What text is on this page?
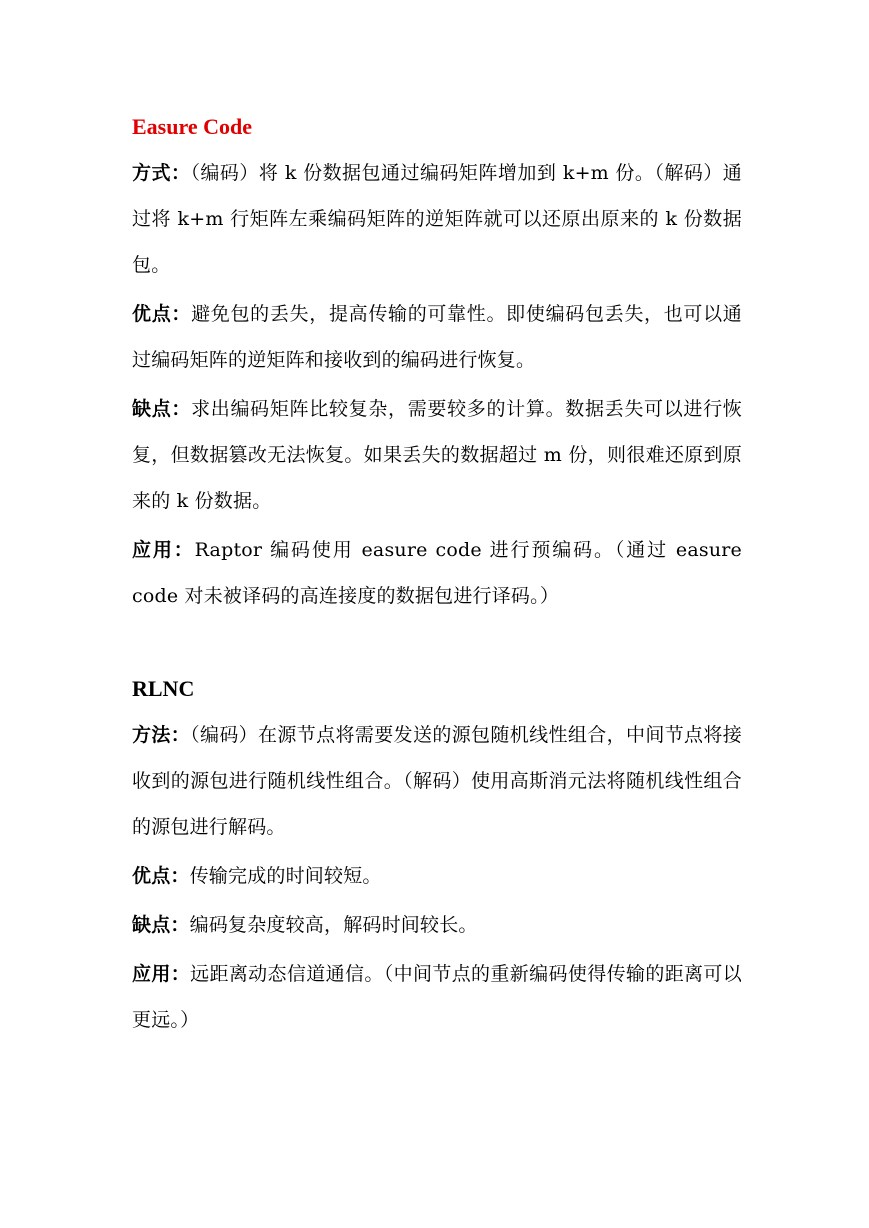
Easure Code

方式：（编码）将 k 份数据包通过编码矩阵增加到 k+m 份。（解码）通过将 k+m 行矩阵左乘编码矩阵的逆矩阵就可以还原出原来的 k 份数据包。

优点：避免包的丢失，提高传输的可靠性。即使编码包丢失，也可以通过编码矩阵的逆矩阵和接收到的编码进行恢复。

缺点：求出编码矩阵比较复杂，需要较多的计算。数据丢失可以进行恢复，但数据篡改无法恢复。如果丢失的数据超过 m 份，则很难还原到原来的 k 份数据。

应用：Raptor 编码使用 easure code 进行预编码。（通过 easure code 对未被译码的高连接度的数据包进行译码。）

RLNC

方法：（编码）在源节点将需要发送的源包随机线性组合，中间节点将接收到的源包进行随机线性组合。（解码）使用高斯消元法将随机线性组合的源包进行解码。

优点：传输完成的时间较短。

缺点：编码复杂度较高，解码时间较长。

应用：远距离动态信道通信。（中间节点的重新编码使得传输的距离可以更远。）
